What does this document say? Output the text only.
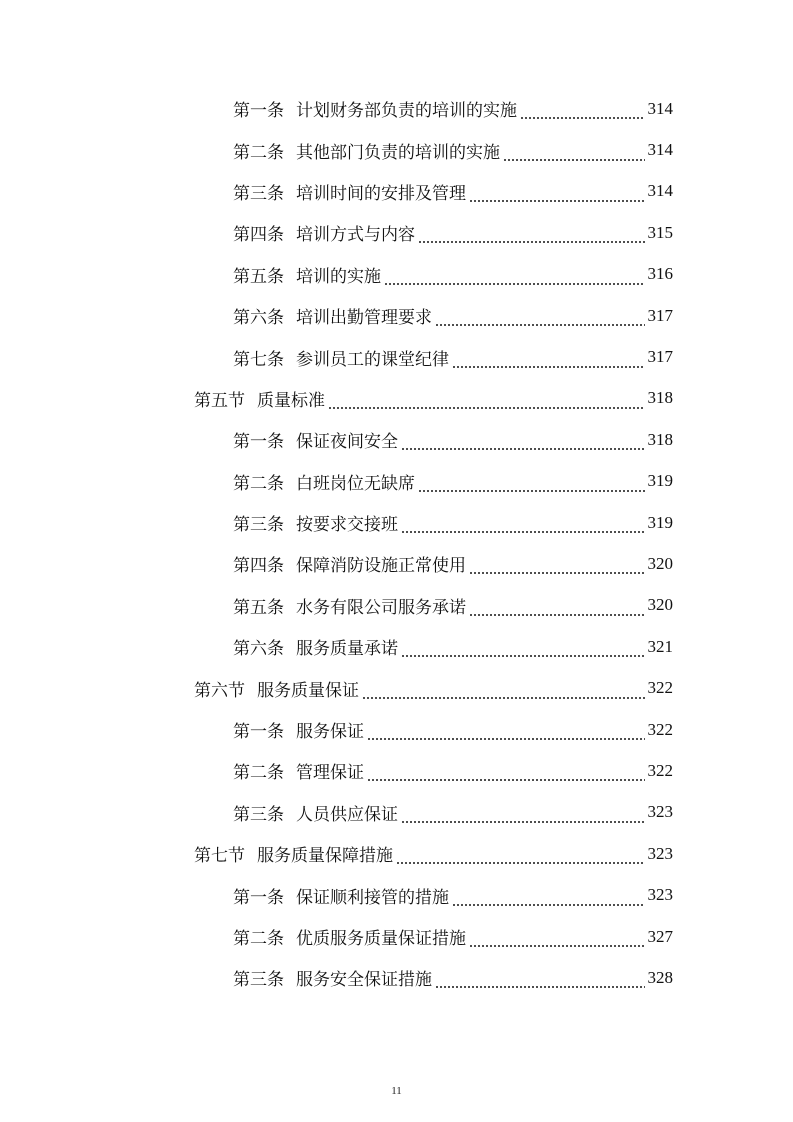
第一条 计划财务部负责的培训的实施	314
第二条 其他部门负责的培训的实施	314
第三条 培训时间的安排及管理	314
第四条 培训方式与内容	315
第五条 培训的实施	316
第六条 培训出勤管理要求	317
第七条 参训员工的课堂纪律	317
第五节 质量标准	318
第一条 保证夜间安全	318
第二条 白班岗位无缺席	319
第三条 按要求交接班	319
第四条 保障消防设施正常使用	320
第五条 水务有限公司服务承诺	320
第六条 服务质量承诺	321
第六节 服务质量保证	322
第一条 服务保证	322
第二条 管理保证	322
第三条 人员供应保证	323
第七节 服务质量保障措施	323
第一条 保证顺利接管的措施	323
第二条 优质服务质量保证措施	327
第三条 服务安全保证措施	328
11
